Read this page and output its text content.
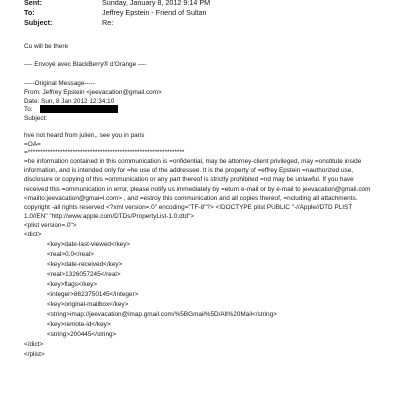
Sent:	Sunday, January 8, 2012 9:14 PM
To:	Jeffrey Epstein - Friend of Sultan
Subject:	Re:
Cu will be there
---- Envoyé avec BlackBerry® d'Orange ----
-----Original Message-----
From: Jeffrey Epstein <jeevacation@gmail.com>
Date: Sun, 8 Jan 2012 12:34:10
To:
Subject:
hve not heard from julien,, see you in paris
=OA=
=***************************************************************
=he information contained in this communication is =onfidential, may be attorney-client privileged, may =onstitute inside information, and is intended only for =he use of the addressee. It is the property of =effrey Epstein =nauthorized use, disclosure or copying of this =ommunication or any part thereof is strictly prohibited =nd may be unlawful. If you have received this =ommunication in error, please notify us immediately by =eturn e-mail or by e-mail to jeevacation@gmail.com <mailto:jeevacation@gmai=l.com> , and =estroy this communication and all copies thereof, =ncluding all attachments. copyright -all rights reserved <?xml version=.0" encoding="TF-8"?> <!DOCTYPE plist PUBLIC "-//Apple//DTD PLIST 1.0//EN" "http://www.apple.com/DTDs/PropertyList-1.0.dtd">
<plist version=.0">
<dict>
<key>date-last-viewed</key>
<real>0.0</real>
<key>date-received</key>
<real>1326057245</real>
<key>flags</key>
<integer>8623750145</integer>
<key>original-mailbox</key>
<string>imap://jeevacation@imap.gmail.com/%5BGmail%5D/All%20Mail</string>
<key>remote-id</key>
<string>200445</string>
</dict>
</plist>
